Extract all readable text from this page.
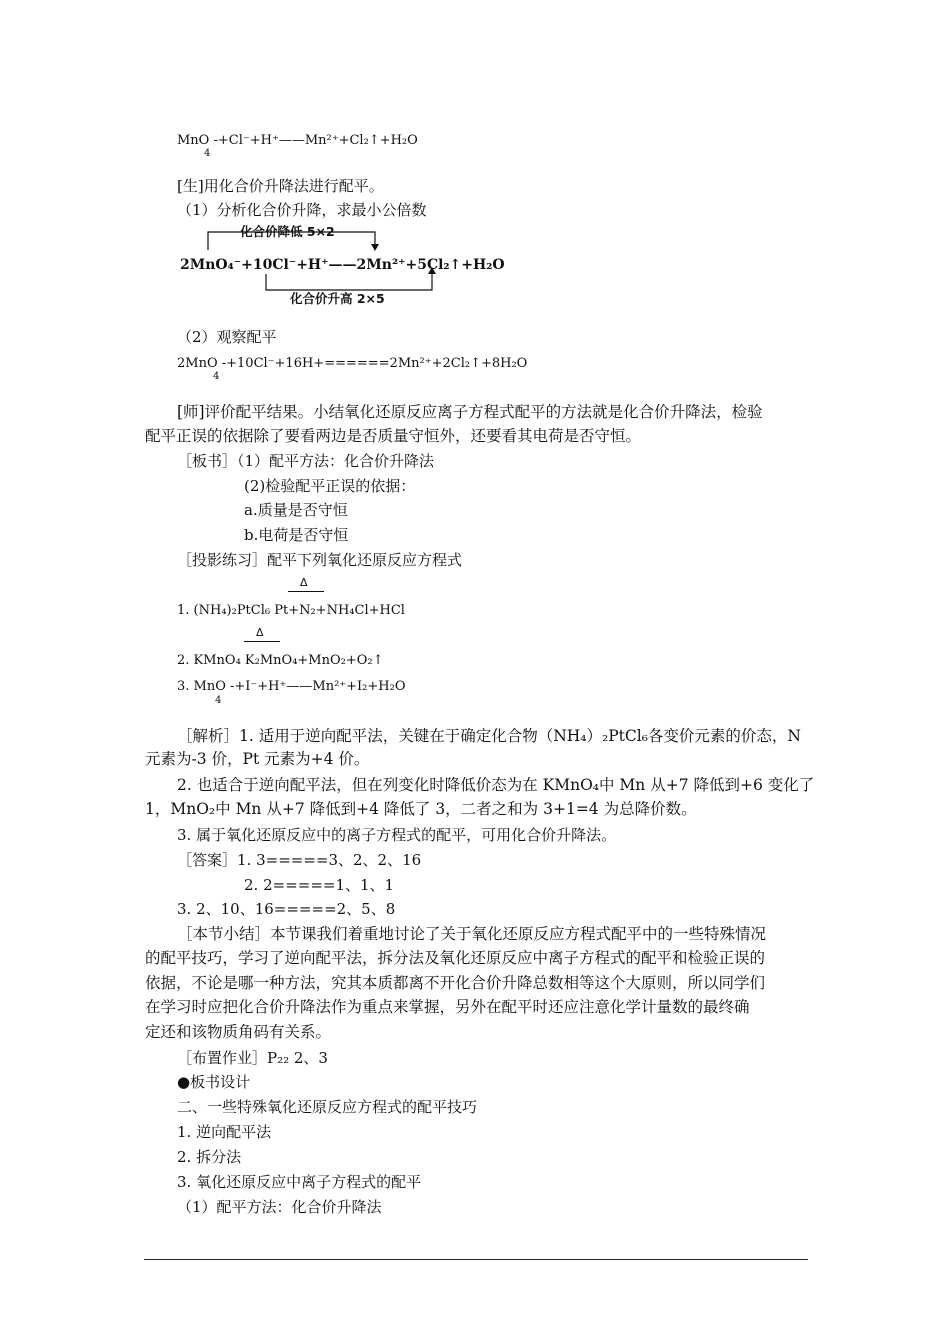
MnO -+Cl⁻+H⁺——Mn²⁺+Cl₂↑+H₂O
4
[生]用化合价升降法进行配平。
（1）分析化合价升降，求最小公倍数
化合价降低 5×2
2MnO₄⁻+10Cl⁻+H⁺——2Mn²⁺+5Cl₂↑+H₂O
化合价升高 2×5
（2）观察配平
2MnO -+10Cl⁻+16H+======2Mn²⁺+2Cl₂↑+8H₂O
4
[师]评价配平结果。小结氧化还原反应离子方程式配平的方法就是化合价升降法，检验
配平正误的依据除了要看两边是否质量守恒外，还要看其电荷是否守恒。
［板书］（1）配平方法：化合价升降法
(2)检验配平正误的依据：
a.质量是否守恒
b.电荷是否守恒
［投影练习］配平下列氧化还原反应方程式
Δ
1. (NH₄)₂PtCl₆ Pt+N₂+NH₄Cl+HCl
Δ
2. KMnO₄ K₂MnO₄+MnO₂+O₂↑
3. MnO -+I⁻+H⁺——Mn²⁺+I₂+H₂O
4
［解析］1. 适用于逆向配平法，关键在于确定化合物（NH₄）₂PtCl₆各变价元素的价态，N
元素为-3 价，Pt 元素为+4 价。
2. 也适合于逆向配平法，但在列变化时降低价态为在 KMnO₄中 Mn 从+7 降低到+6 变化了
1，MnO₂中 Mn 从+7 降低到+4 降低了 3，二者之和为 3+1=4 为总降价数。
3. 属于氧化还原反应中的离子方程式的配平，可用化合价升降法。
［答案］1. 3=====3、2、2、16
2. 2=====1、1、1
3. 2、10、16=====2、5、8
［本节小结］本节课我们着重地讨论了关于氧化还原反应方程式配平中的一些特殊情况
的配平技巧，学习了逆向配平法，拆分法及氧化还原反应中离子方程式的配平和检验正误的
依据，不论是哪一种方法，究其本质都离不开化合价升降总数相等这个大原则，所以同学们
在学习时应把化合价升降法作为重点来掌握，另外在配平时还应注意化学计量数的最终确
定还和该物质角码有关系。
［布置作业］P₂₂ 2、3
●板书设计
二、一些特殊氧化还原反应方程式的配平技巧
1. 逆向配平法
2. 拆分法
3. 氧化还原反应中离子方程式的配平
（1）配平方法：化合价升降法
